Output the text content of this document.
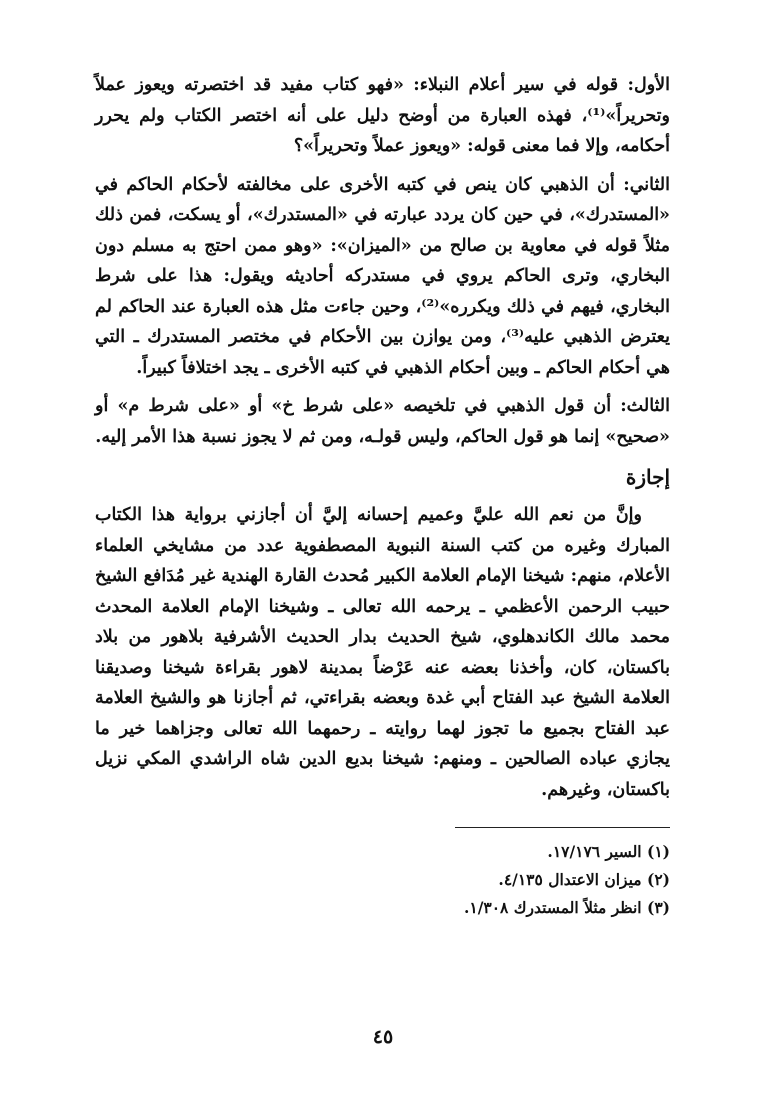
الأول: قوله في سير أعلام النبلاء: «فهو كتاب مفيد قد اختصرته ويعوز عملاً وتحريراً»⁽¹⁾، فهذه العبارة من أوضح دليل على أنه اختصر الكتاب ولم يحرر أحكامه، وإلا فما معنى قوله: «ويعوز عملاً وتحريراً»؟

الثاني: أن الذهبي كان ينص في كتبه الأخرى على مخالفته لأحكام الحاكم في «المستدرك»، في حين كان يردد عبارته في «المستدرك»، أو يسكت، فمن ذلك مثلاً قوله في معاوية بن صالح من «الميزان»: «وهو ممن احتج به مسلم دون البخاري، وترى الحاكم يروي في مستدركه أحاديثه ويقول: هذا على شرط البخاري، فيهم في ذلك ويكرره»⁽²⁾، وحين جاءت مثل هذه العبارة عند الحاكم لم يعترض الذهبي عليه⁽³⁾، ومن يوازن بين الأحكام في مختصر المستدرك ـ التي هي أحكام الحاكم ـ وبين أحكام الذهبي في كتبه الأخرى ـ يجد اختلافاً كبيراً.

الثالث: أن قول الذهبي في تلخيصه «على شرط خ» أو «على شرط م» أو «صحيح» إنما هو قول الحاكم، وليس قولـه، ومن ثم لا يجوز نسبة هذا الأمر إليه.

إجازة

وإنَّ من نعم الله عليَّ وعميم إحسانه إليَّ أن أجازني برواية هذا الكتاب المبارك وغيره من كتب السنة النبوية المصطفوية عدد من مشايخي العلماء الأعلام، منهم: شيخنا الإمام العلامة الكبير مُحدث القارة الهندية غير مُدَافع الشيخ حبيب الرحمن الأعظمي ـ يرحمه الله تعالى ـ وشيخنا الإمام العلامة المحدث محمد مالك الكاندهلوي، شيخ الحديث بدار الحديث الأشرفية بلاهور من بلاد باكستان، كان، وأخذنا بعضه عنه عَرْضاً بمدينة لاهور بقراءة شيخنا وصديقنا العلامة الشيخ عبد الفتاح أبي غدة وبعضه بقراءتي، ثم أجازنا هو والشيخ العلامة عبد الفتاح بجميع ما تجوز لهما روايته ـ رحمهما الله تعالى وجزاهما خير ما يجازي عباده الصالحين ـ ومنهم: شيخنا بديع الدين شاه الراشدي المكي نزيل باكستان، وغيرهم.

(١) السير ١٧/١٧٦.

(٢) ميزان الاعتدال ٤/١٣٥.

(٣) انظر مثلاً المستدرك ١/٣٠٨.

٤٥
